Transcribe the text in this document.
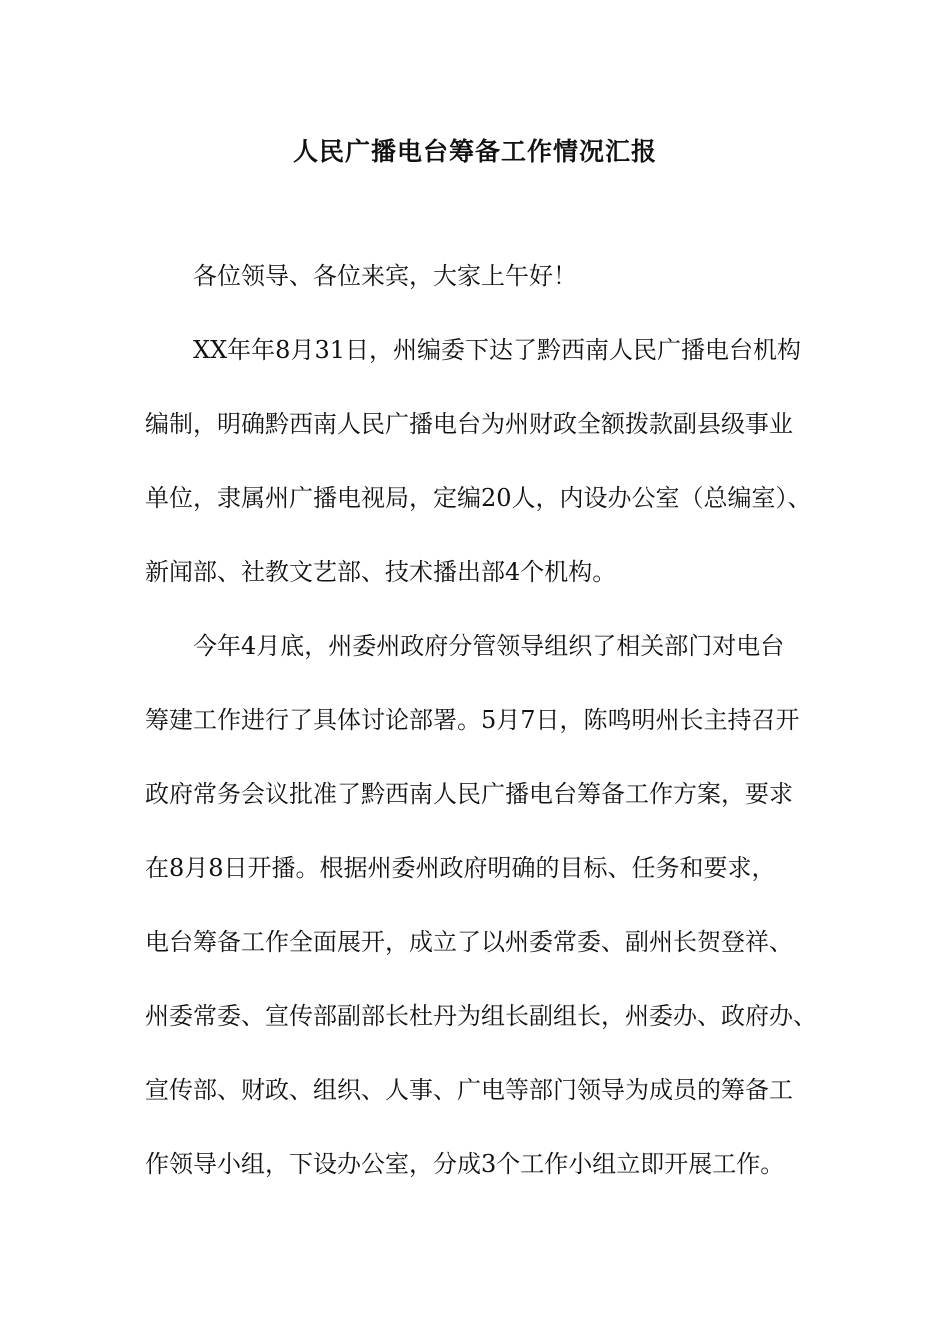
人民广播电台筹备工作情况汇报
各位领导、各位来宾，大家上午好！
XX年年8月31日，州编委下达了黔西南人民广播电台机构
编制，明确黔西南人民广播电台为州财政全额拨款副县级事业
单位，隶属州广播电视局，定编20人，内设办公室（总编室）、
新闻部、社教文艺部、技术播出部4个机构。
今年4月底，州委州政府分管领导组织了相关部门对电台
筹建工作进行了具体讨论部署。5月7日，陈鸣明州长主持召开
政府常务会议批准了黔西南人民广播电台筹备工作方案，要求
在8月8日开播。根据州委州政府明确的目标、任务和要求，
电台筹备工作全面展开，成立了以州委常委、副州长贺登祥、
州委常委、宣传部副部长杜丹为组长副组长，州委办、政府办、
宣传部、财政、组织、人事、广电等部门领导为成员的筹备工
作领导小组，下设办公室，分成3个工作小组立即开展工作。
